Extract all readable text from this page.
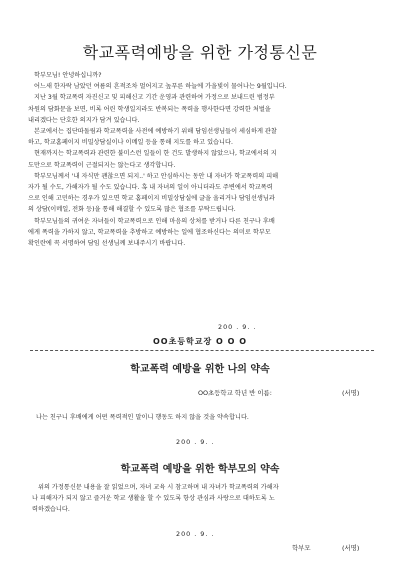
학교폭력예방을 위한 가정통신문

학부모님! 안녕하십니까?

어느새 한자락 남았던 여름의 흔적조차 멀어지고 높푸른 하늘에 가을빛이 물어나는 9월입니다.

지난 3월 학교폭력 자진신고 및 피해신고 기간 운영과 관련하여 가정으로 보내드린 범정부

차원의 담화문을 보면, 비록 어린 학생일지라도 반복되는 폭력을 행사한다면 강력한 처벌을

내리겠다는 단호한 의지가 담겨 있습니다.

본교에서는 집단따돌림과 학교폭력을 사전에 예방하기 위해 담임선생님들이 세심하게 관찰

하고, 학교홈페이지 비밀상담실이나 이메일 등을 통해 지도를 하고 있습니다.

현재까지는 학교폭력과 관련한 불미스런 일들이 한 건도 발생하지 않았으나, 학교에서의 지

도만으로 학교폭력이 근절되지는 않는다고 생각합니다.

학부모님께서 '내 자식만 괜찮으면 되지..' 하고 안심하시는 동안 내 자녀가 학교폭력의 피해

자가 될 수도, 가해자가 될 수도 있습니다. 혹 내 자녀의 일이 아니더라도 주변에서 학교폭력

으로 인해 고민하는 경우가 있으면 학교 홈페이지 비밀상담실에 글을 올리거나 담임선생님과

의 상담(이메일, 전화 등)을 통해 해결할 수 있도록 많은 협조를 부탁드립니다.

학부모님들의 귀여운 자녀들이 학교폭력으로 인해 마음의 상처를 받거나 다른 친구나 후배

에게 폭력을 가하지 않고, 학교폭력을 추방하고 예방하는 일에 협조하신다는 의미로 학부모

확인란에 꼭 서명하여 담임 선생님께 보내주시기 바랍니다.

200 . 9. .
OO초등학교장 O O O
학교폭력 예방을 위한 나의 약속
OO초등학교 학년 반 이름:	(서명)
나는 친구니 후배에게 어떤 폭력적인 말이니 행동도 하지 않을 것을 약속합니다.
200 . 9. .
학교폭력 예방을 위한 학부모의 약속

위의 가정통신문 내용을 잘 읽었으며, 자녀 교육 시 참고하며 내 자녀가 학교폭력의 가해자

나 피해자가 되지 않고 즐거운 학교 생활을 할 수 있도록 항상 관심과 사랑으로 대하도록 노

력하겠습니다.

200 . 9. .
학부모	(서명)
